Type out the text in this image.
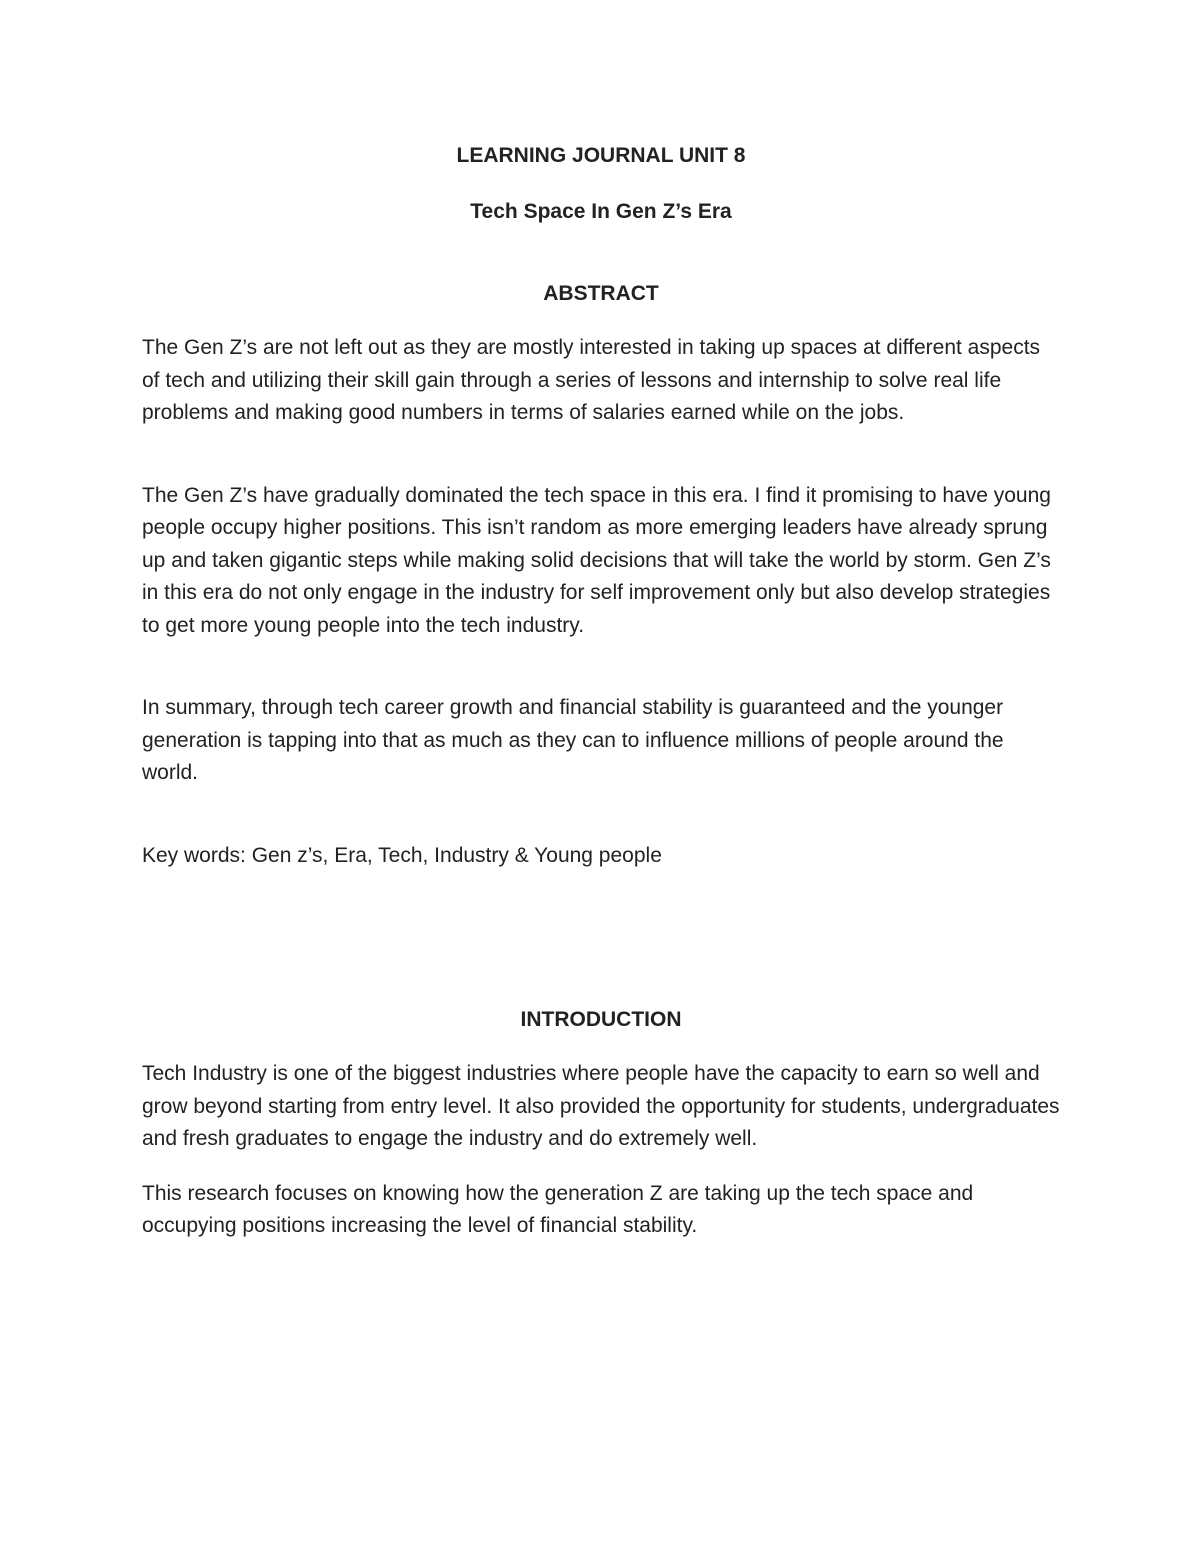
LEARNING JOURNAL UNIT 8
Tech Space In Gen Z’s Era
ABSTRACT

The Gen Z’s are not left out as they are mostly interested in taking up spaces at different aspects of tech and utilizing their skill gain through a series of lessons and internship to solve real life problems and making good numbers in terms of salaries earned while on the jobs.

The Gen Z’s have gradually dominated the tech space in this era. I find it promising to have young people occupy higher positions. This isn’t random as more emerging leaders have already sprung up and taken gigantic steps while making solid decisions that will take the world by storm. Gen Z’s in this era do not only engage in the industry for self improvement only but also develop strategies to get more young people into the tech industry.

In summary, through tech career growth and financial stability is guaranteed and the younger generation is tapping into that as much as they can to influence millions of people around the world.

Key words: Gen z’s, Era, Tech, Industry & Young people

INTRODUCTION

Tech Industry is one of the biggest industries where people have the capacity to earn so well and grow beyond starting from entry level. It also provided the opportunity for students, undergraduates and fresh graduates to engage the industry and do extremely well.

This research focuses on knowing how the generation Z are taking up the tech space and occupying positions increasing the level of financial stability.
